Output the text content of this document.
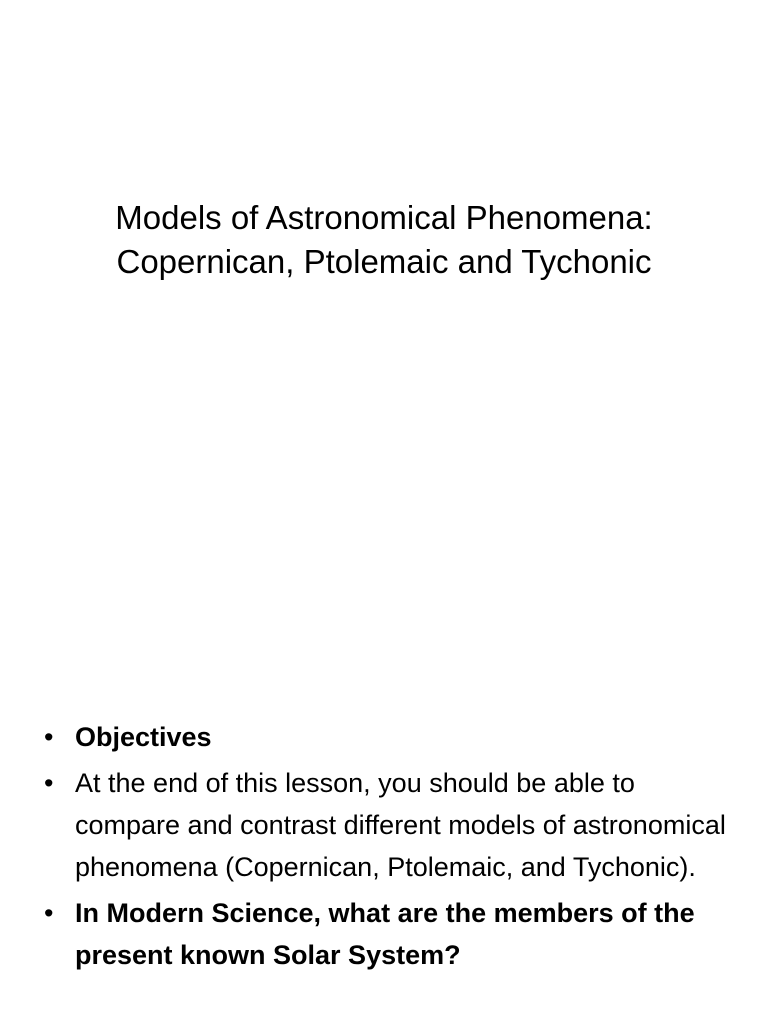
Models of Astronomical Phenomena:
Copernican, Ptolemaic and Tychonic
• Objectives
• At the end of this lesson, you should be able to compare and contrast different models of astronomical phenomena (Copernican, Ptolemaic, and Tychonic).
• In Modern Science, what are the members of the present known Solar System?
